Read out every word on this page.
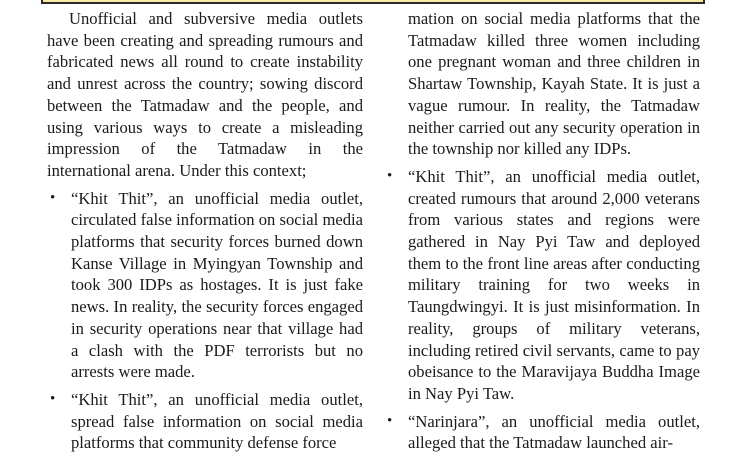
Unofficial and subversive media outlets have been creating and spreading rumours and fabricated news all round to create instability and unrest across the country; sowing discord between the Tatmadaw and the people, and using various ways to create a misleading impression of the Tatmadaw in the international arena. Under this context;

• “Khit Thit”, an unofficial media outlet, circulated false information on social media platforms that security forces burned down Kanse Village in Myingyan Township and took 300 IDPs as hostages. It is just fake news. In reality, the security forces engaged in security operations near that village had a clash with the PDF terrorists but no arrests were made.
• “Khit Thit”, an unofficial media outlet, spread false information on social media platforms that community defense force

mation on social media platforms that the Tatmadaw killed three women including one pregnant woman and three children in Shartaw Township, Kayah State. It is just a vague rumour. In reality, the Tatmadaw neither carried out any security operation in the township nor killed any IDPs.

• “Khit Thit”, an unofficial media outlet, created rumours that around 2,000 veterans from various states and regions were gathered in Nay Pyi Taw and deployed them to the front line areas after conducting military training for two weeks in Taungdwingyi. It is just misinformation. In reality, groups of military veterans, including retired civil servants, came to pay obeisance to the Maravijaya Buddha Image in Nay Pyi Taw.
• “Narinjara”, an unofficial media outlet, alleged that the Tatmadaw launched air-
